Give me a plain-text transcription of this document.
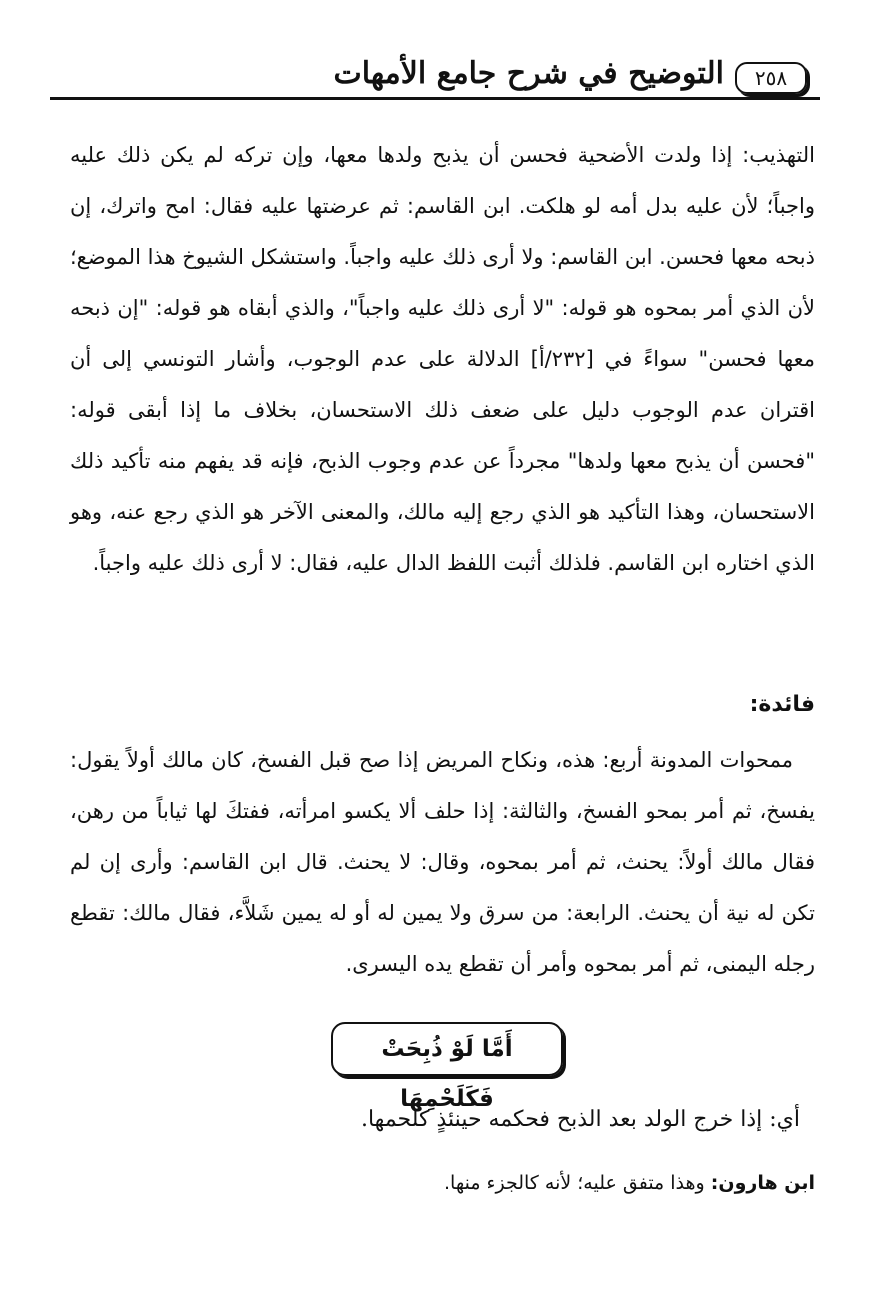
التوضيح في شرح جامع الأمهات	٢٥٨
التهذيب: إذا ولدت الأضحية فحسن أن يذبح ولدها معها، وإن تركه لم يكن ذلك عليه واجباً؛ لأن عليه بدل أمه لو هلكت. ابن القاسم: ثم عرضتها عليه فقال: امح واترك، إن ذبحه معها فحسن. ابن القاسم: ولا أرى ذلك عليه واجباً. واستشكل الشيوخ هذا الموضع؛ لأن الذي أمر بمحوه هو قوله: "لا أرى ذلك عليه واجباً"، والذي أبقاه هو قوله: "إن ذبحه معها فحسن" سواءً في [٢٣٢/أ] الدلالة على عدم الوجوب، وأشار التونسي إلى أن اقتران عدم الوجوب دليل على ضعف ذلك الاستحسان، بخلاف ما إذا أبقى قوله: "فحسن أن يذبح معها ولدها" مجرداً عن عدم وجوب الذبح، فإنه قد يفهم منه تأكيد ذلك الاستحسان، وهذا التأكيد هو الذي رجع إليه مالك، والمعنى الآخر هو الذي رجع عنه، وهو الذي اختاره ابن القاسم. فلذلك أثبت اللفظ الدال عليه، فقال: لا أرى ذلك عليه واجباً.
فائدة:
ممحوات المدونة أربع: هذه، ونكاح المريض إذا صح قبل الفسخ، كان مالك أولاً يقول: يفسخ، ثم أمر بمحو الفسخ، والثالثة: إذا حلف ألا يكسو امرأته، ففتكَ لها ثياباً من رهن، فقال مالك أولاً: يحنث، ثم أمر بمحوه، وقال: لا يحنث. قال ابن القاسم: وأرى إن لم تكن له نية أن يحنث. الرابعة: من سرق ولا يمين له أو له يمين شَلاَّء، فقال مالك: تقطع رجله اليمنى، ثم أمر بمحوه وأمر أن تقطع يده اليسرى.
أَمَّا لَوْ ذُبِحَتْ فَكَلَحْمِهَا
أي: إذا خرج الولد بعد الذبح فحكمه حينئذٍ كلحمها.
ابن هارون: وهذا متفق عليه؛ لأنه كالجزء منها.
